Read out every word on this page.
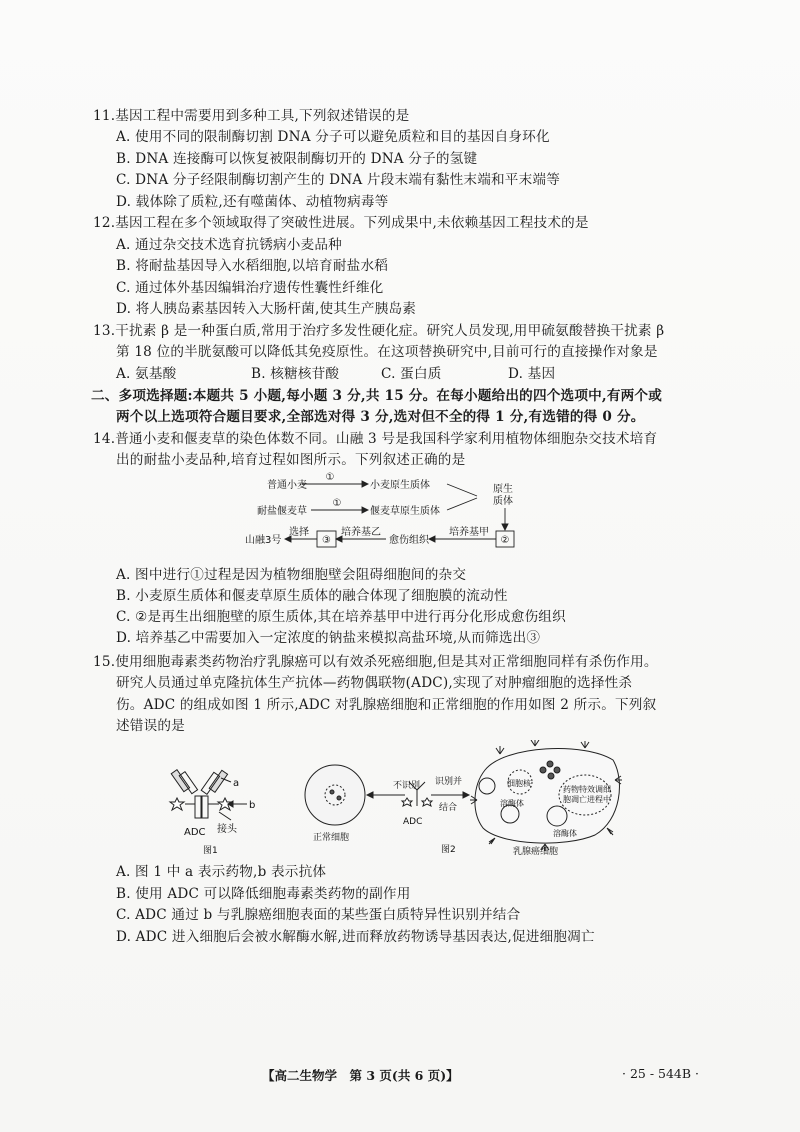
11.基因工程中需要用到多种工具,下列叙述错误的是
A. 使用不同的限制酶切割 DNA 分子可以避免质粒和目的基因自身环化
B. DNA 连接酶可以恢复被限制酶切开的 DNA 分子的氢键
C. DNA 分子经限制酶切割产生的 DNA 片段末端有黏性末端和平末端等
D. 载体除了质粒,还有噬菌体、动植物病毒等
12.基因工程在多个领域取得了突破性进展。下列成果中,未依赖基因工程技术的是
A. 通过杂交技术选育抗锈病小麦品种
B. 将耐盐基因导入水稻细胞,以培育耐盐水稻
C. 通过体外基因编辑治疗遗传性囊性纤维化
D. 将人胰岛素基因转入大肠杆菌,使其生产胰岛素
13.干扰素 β 是一种蛋白质,常用于治疗多发性硬化症。研究人员发现,用甲硫氨酸替换干扰素 β
第 18 位的半胱氨酸可以降低其免疫原性。在这项替换研究中,目前可行的直接操作对象是
A. 氨基酸	B. 核糖核苷酸	C. 蛋白质	D. 基因
二、多项选择题:本题共 5 小题,每小题 3 分,共 15 分。在每小题给出的四个选项中,有两个或
两个以上选项符合题目要求,全部选对得 3 分,选对但不全的得 1 分,有选错的得 0 分。
14.普通小麦和偃麦草的染色体数不同。山融 3 号是我国科学家利用植物体细胞杂交技术培育
出的耐盐小麦品种,培育过程如图所示。下列叙述正确的是
普通小麦
①
小麦原生质体
耐盐偃麦草
①
偃麦草原生质体
原生
质体
②
培养基甲
愈伤组织
培养基乙
③
选择
山融3号
A. 图中进行①过程是因为植物细胞壁会阻碍细胞间的杂交
B. 小麦原生质体和偃麦草原生质体的融合体现了细胞膜的流动性
C. ②是再生出细胞壁的原生质体,其在培养基甲中进行再分化形成愈伤组织
D. 培养基乙中需要加入一定浓度的钠盐来模拟高盐环境,从而筛选出③
15.使用细胞毒素类药物治疗乳腺癌可以有效杀死癌细胞,但是其对正常细胞同样有杀伤作用。
研究人员通过单克隆抗体生产抗体—药物偶联物(ADC),实现了对肿瘤细胞的选择性杀
伤。ADC 的组成如图 1 所示,ADC 对乳腺癌细胞和正常细胞的作用如图 2 所示。下列叙
述错误的是
a
b
ADC 接头
图1
不识别 识别并
结合
ADC
正常细胞
细胞核
溶酶体
溶酶体
药物特效调细
胞凋亡进程中
乳腺癌细胞
图2
A. 图 1 中 a 表示药物,b 表示抗体
B. 使用 ADC 可以降低细胞毒素类药物的副作用
C. ADC 通过 b 与乳腺癌细胞表面的某些蛋白质特异性识别并结合
D. ADC 进入细胞后会被水解酶水解,进而释放药物诱导基因表达,促进细胞凋亡
【高二生物学　第 3 页(共 6 页)】	· 25 - 544B ·
